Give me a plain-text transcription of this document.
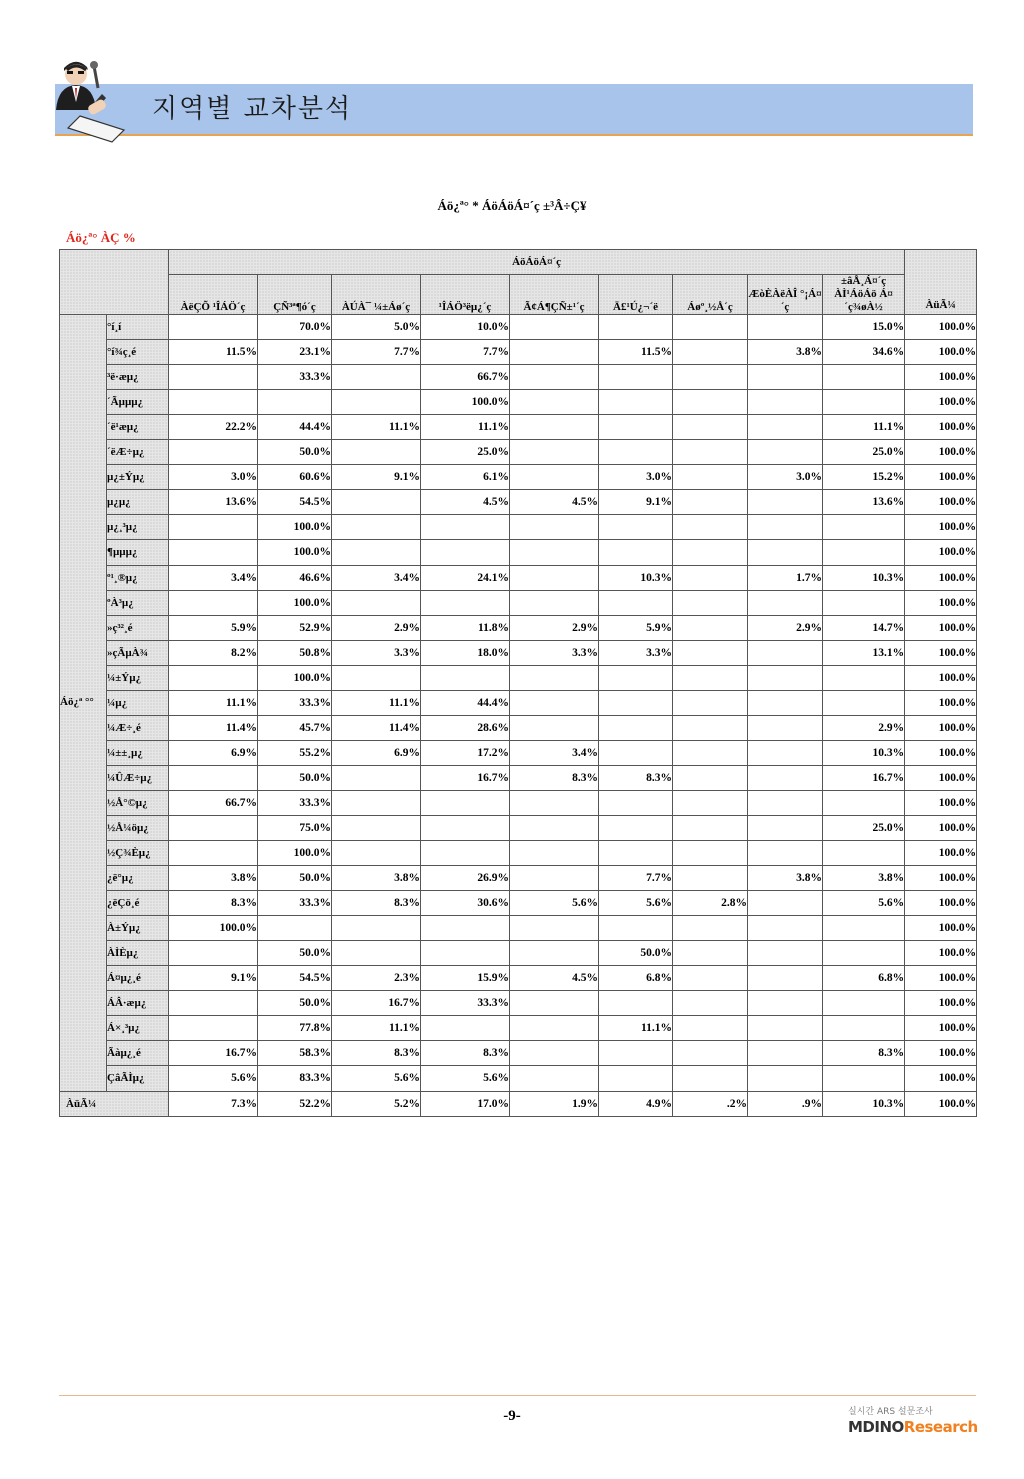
지역별 교차분석
Áö¿ª° * ÁöÁöÁ¤´ç ±³Â÷Ç¥
Áö¿ª° ÀÇ %
		ÁöÁöÁ¤´ç									ÀüÃ¼
		ÀëÇÕ ¹ÎÁÖ´ç	ÇÑ³ª¶ó´ç	ÀÚÀ¯ ¼±Áø´ç	¹ÎÁÖ³ëµ¿´ç	Ã¢Á¶ÇÑ±¹´ç	Ä£¹Ú¿¬´ë	Áøº¸½Å´ç	ÆòÈÀëÀÎ °¡Á¤´ç	±âÅ¸Á¤´ç ÀÌ¹ÁöÁö Á¤´ç¾øÀ½	
Áö¿ª °°	°í¸í		70.0%	5.0%	10.0%					15.0%	100.0%
	°í¾ç¸é	11.5%	23.1%	7.7%	7.7%		11.5%		3.8%	34.6%	100.0%
	³ë·æµ¿		33.3%		66.7%						100.0%
	´Ãµµµ¿				100.0%						100.0%
	´ë¹æµ¿	22.2%	44.4%	11.1%	11.1%					11.1%	100.0%
	´ëÆ÷µ¿		50.0%		25.0%					25.0%	100.0%
	µ¿±Ýµ¿	3.0%	60.6%	9.1%	6.1%		3.0%		3.0%	15.2%	100.0%
	µ¿µ¿	13.6%	54.5%		4.5%	4.5%	9.1%			13.6%	100.0%
	µ¿¸³µ¿		100.0%								100.0%
	¶µµµ¿		100.0%								100.0%
	º¹¸®µ¿	3.4%	46.6%	3.4%	24.1%		10.3%		1.7%	10.3%	100.0%
	ºÀ³µ¿		100.0%								100.0%
	»ç³²¸é	5.9%	52.9%	2.9%	11.8%	2.9%	5.9%		2.9%	14.7%	100.0%
	»çÃµÀ¾	8.2%	50.8%	3.3%	18.0%	3.3%	3.3%			13.1%	100.0%
	¼±Ýµ¿		100.0%								100.0%
	¼µ¿	11.1%	33.3%	11.1%	44.4%						100.0%
	¼Æ÷¸é	11.4%	45.7%	11.4%	28.6%					2.9%	100.0%
	¼±±¸µ¿	6.9%	55.2%	6.9%	17.2%	3.4%				10.3%	100.0%
	¼ÛÆ÷µ¿		50.0%		16.7%	8.3%	8.3%			16.7%	100.0%
	½Å°©µ¿	66.7%	33.3%								100.0%
	½Å¼öµ¿		75.0%							25.0%	100.0%
	½Ç¾Èµ¿		100.0%								100.0%
	¿ë°µ¿	3.8%	50.0%	3.8%	26.9%		7.7%		3.8%	3.8%	100.0%
	¿ëÇö¸é	8.3%	33.3%	8.3%	30.6%	5.6%	5.6%	2.8%		5.6%	100.0%
	À±Ýµ¿	100.0%									100.0%
	ÀÌÈµ¿		50.0%				50.0%				100.0%
	Á¤µ¿¸é	9.1%	54.5%	2.3%	15.9%	4.5%	6.8%			6.8%	100.0%
	ÁÂ·æµ¿		50.0%	16.7%	33.3%						100.0%
	Á×¸³µ¿		77.8%	11.1%			11.1%				100.0%
	Ãàµ¿¸é	16.7%	58.3%	8.3%	8.3%					8.3%	100.0%
	ÇâÃÌµ¿	5.6%	83.3%	5.6%	5.6%						100.0%
ÀüÃ¼		7.3%	52.2%	5.2%	17.0%	1.9%	4.9%	.2%	.9%	10.3%	100.0%
-9-	실시간 ARS 설문조사
MDINOResearch
